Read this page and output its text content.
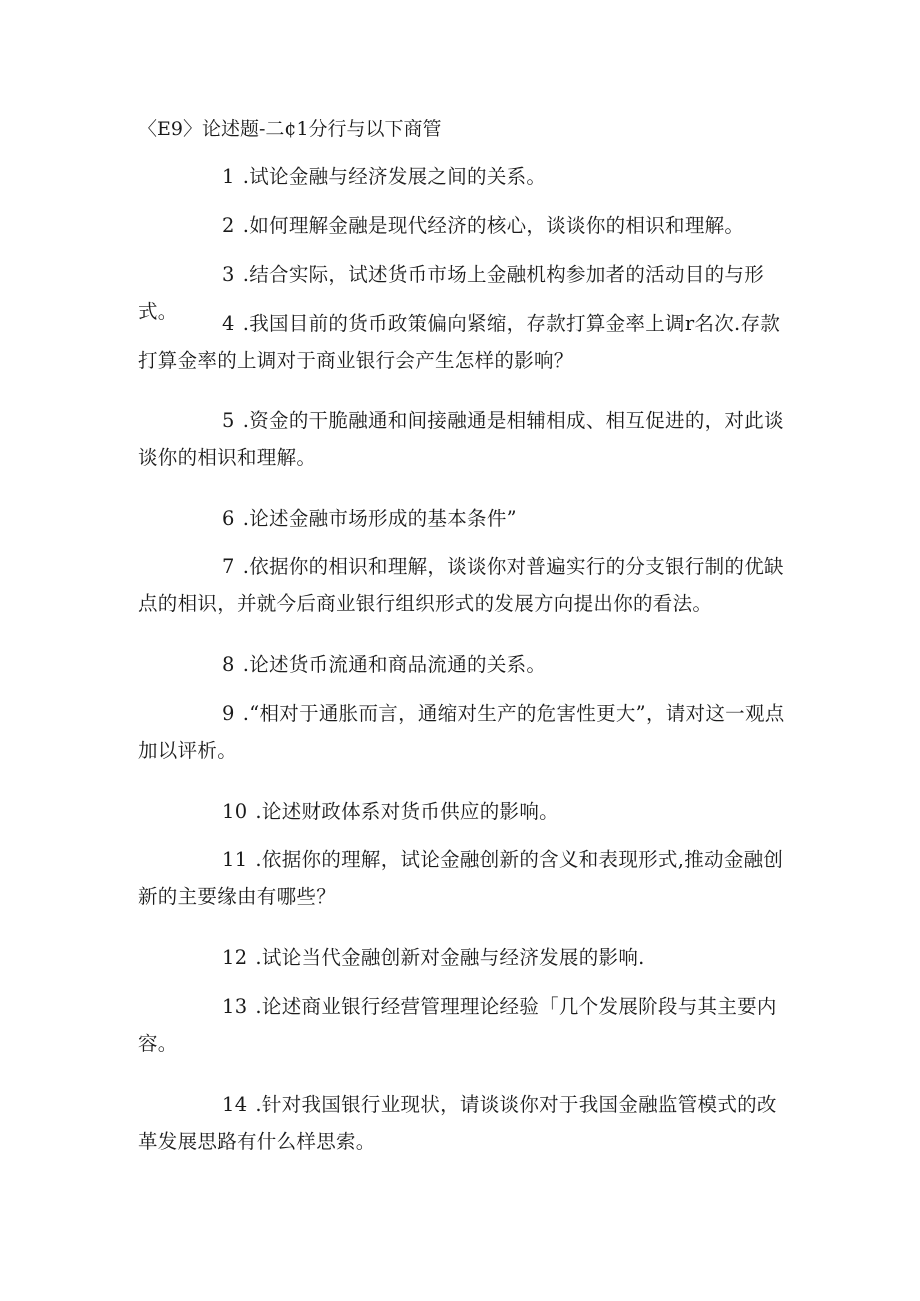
〈E9〉论述题-二¢1分行与以下商管

1 .试论金融与经济发展之间的关系。

2 .如何理解金融是现代经济的核心，谈谈你的相识和理解。

3 .结合实际，试述货币市场上金融机构参加者的活动目的与形式。

4 .我国目前的货币政策偏向紧缩，存款打算金率上调r名次.存款打算金率的上调对于商业银行会产生怎样的影响？

5 .资金的干脆融通和间接融通是相辅相成、相互促进的，对此谈谈你的相识和理解。

6 .论述金融市场形成的基本条件”

7 .依据你的相识和理解，谈谈你对普遍实行的分支银行制的优缺点的相识，并就今后商业银行组织形式的发展方向提出你的看法。

8 .论述货币流通和商品流通的关系。

9 .“相对于通胀而言，通缩对生产的危害性更大”，请对这一观点加以评析。

10 .论述财政体系对货币供应的影响。

11 .依据你的理解，试论金融创新的含义和表现形式,推动金融创新的主要缘由有哪些？

12 .试论当代金融创新对金融与经济发展的影响.

13 .论述商业银行经营管理理论经验「几个发展阶段与其主要内容。

14 .针对我国银行业现状，请谈谈你对于我国金融监管模式的改革发展思路有什么样思索。
